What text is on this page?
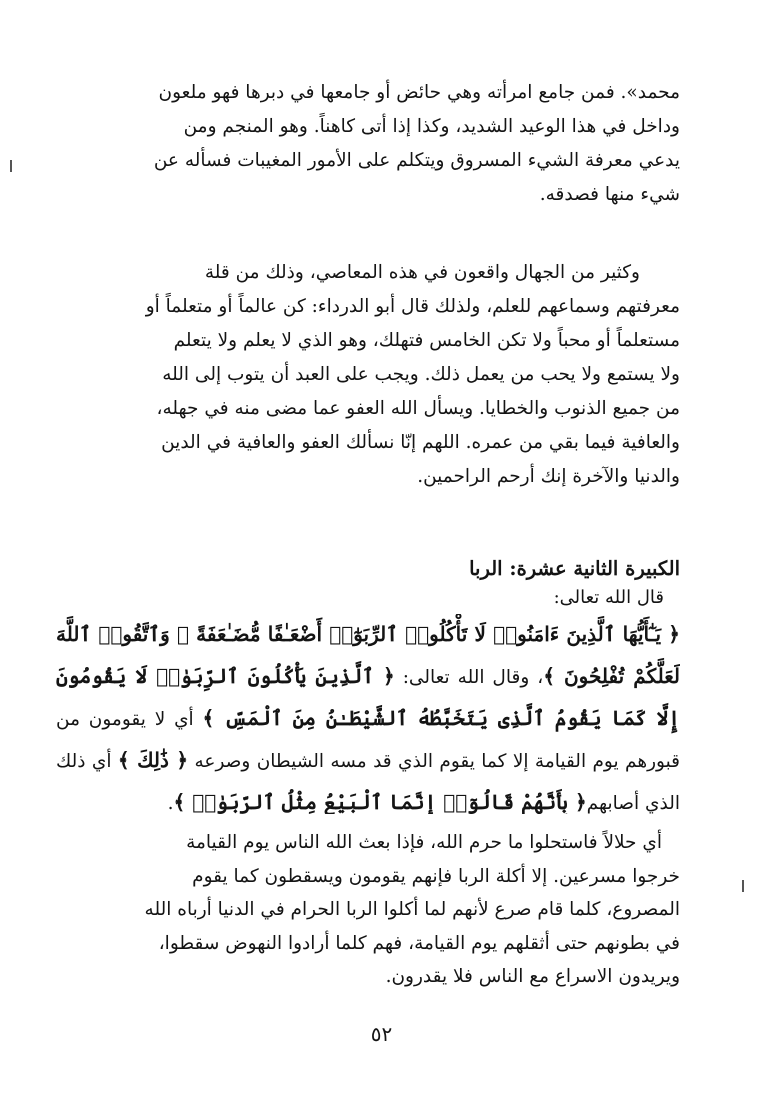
محمد». فمن جامع امرأته وهي حائض أو جامعها في دبرها فهو ملعون

وداخل في هذا الوعيد الشديد، وكذا إذا أتى كاهناً. وهو المنجم ومن

يدعي معرفة الشيء المسروق ويتكلم على الأمور المغيبات فسأله عن

شيء منها فصدقه.

وكثير من الجهال واقعون في هذه المعاصي، وذلك من قلة

معرفتهم وسماعهم للعلم، ولذلك قال أبو الدرداء: كن عالماً أو متعلماً أو

مستعلماً أو محباً ولا تكن الخامس فتهلك، وهو الذي لا يعلم ولا يتعلم

ولا يستمع ولا يحب من يعمل ذلك. ويجب على العبد أن يتوب إلى الله

من جميع الذنوب والخطايا. ويسأل الله العفو عما مضى منه في جهله،

والعافية فيما بقي من عمره. اللهم إنّا نسألك العفو والعافية في الدين

والدنيا والآخرة إنك أرحم الراحمين.

الكبيرة الثانية عشرة: الربا

قال الله تعالى:

﴿ يَـٰٓأَيُّهَا ٱلَّذِينَ ءَامَنُوا۟ لَا تَأْكُلُوا۟ ٱلرِّبَوٰٓا۟ أَضْعَـٰفًا مُّضَـٰعَفَةً ۖ وَٱتَّقُوا۟ ٱللَّهَ لَعَلَّكُمْ تُفْلِحُونَ ﴾، وقال الله تعالى: ﴿ ٱلَّذِينَ يَأْكُلُونَ ٱلرِّبَوٰا۟ لَا يَقُومُونَ إِلَّا كَمَا يَقُومُ ٱلَّذِى يَتَخَبَّطُهُ ٱلشَّيْطَـٰنُ مِنَ ٱلْمَسِّ ﴾ أي لا يقومون من قبورهم يوم القيامة إلا كما يقوم الذي قد مسه الشيطان وصرعه ﴿ ذَٰلِكَ ﴾ أي ذلك الذي أصابهم﴿ بِأَنَّهُمْ قَالُوٓا۟ إِنَّمَا ٱلْبَيْعُ مِثْلُ ٱلرِّبَوٰا۟ ﴾.

أي حلالاً فاستحلوا ما حرم الله، فإذا بعث الله الناس يوم القيامة

خرجوا مسرعين. إلا أكلة الربا فإنهم يقومون ويسقطون كما يقوم

المصروع، كلما قام صرع لأنهم لما أكلوا الربا الحرام في الدنيا أرباه الله

في بطونهم حتى أثقلهم يوم القيامة، فهم كلما أرادوا النهوض سقطوا،

ويريدون الاسراع مع الناس فلا يقدرون.

٥٢
